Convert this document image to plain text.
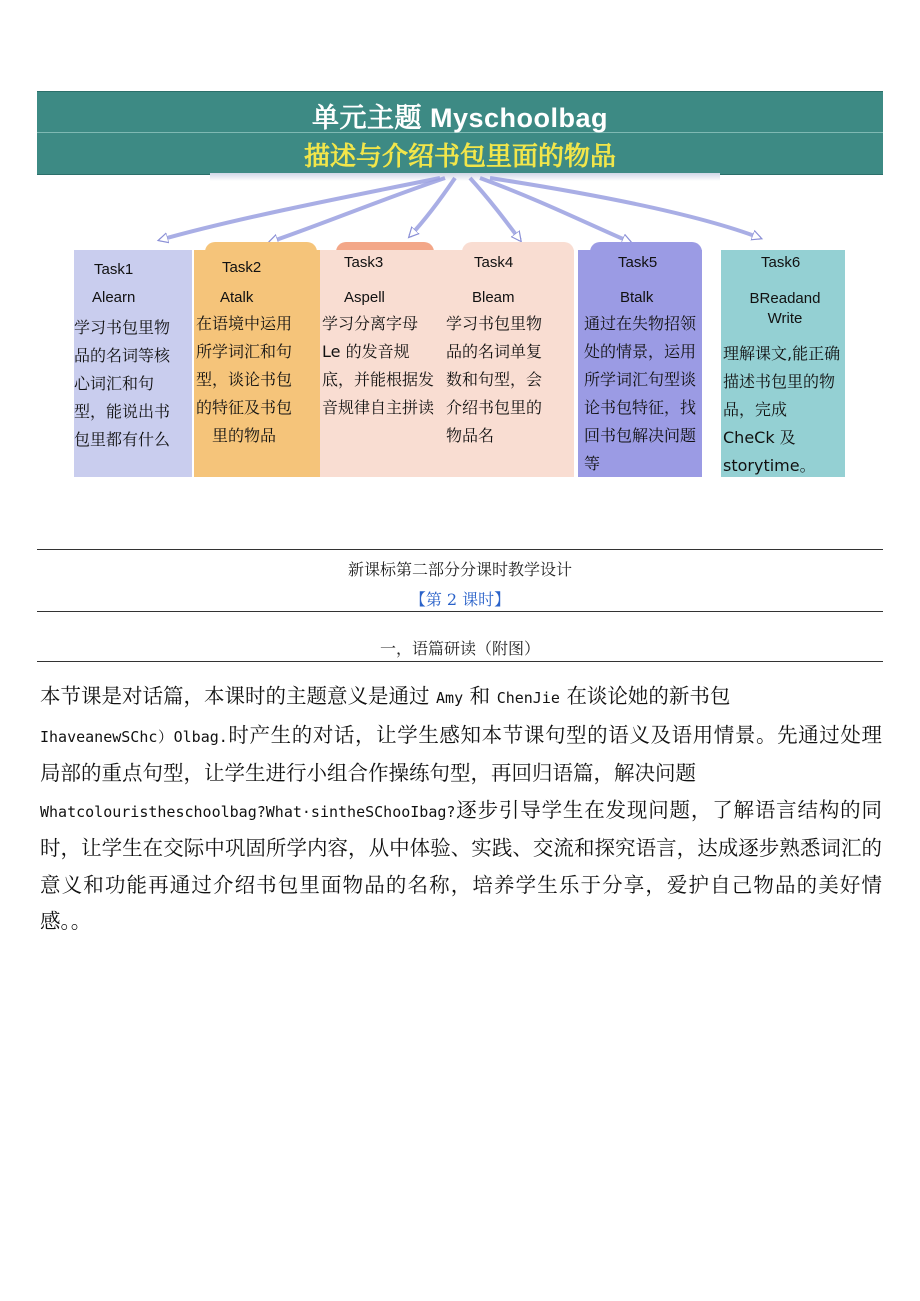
单元主题 Myschoolbag
描述与介绍书包里面的物品
Task1
Alearn
学习书包里物品的名词等核心词汇和句型，能说出书包里都有什么
Task2
Atalk
在语境中运用所学词汇和句型，谈论书包的特征及书包里的物品
Task3
Aspell
学习分离字母 Le 的发音规底，并能根据发音规律自主拼读
Task4
Bleam
学习书包里物品的名词单复数和句型，会介绍书包里的物品名
Task5
Btalk
通过在失物招领处的情景，运用所学词汇句型谈论书包特征，找回书包解决问题等
Task6
BReadand Write
理解课文,能正确描述书包里的物品，完成 CheCk 及 storytime。
新课标第二部分分课时教学设计
【第 2 课时】
一，语篇研读（附图）
本节课是对话篇，本课时的主题意义是通过 Amy 和 ChenJie 在谈论她的新书包
IhaveanewSChc）Olbag.时产生的对话，让学生感知本节课句型的语义及语用情景。先通过处理局部的重点句型，让学生进行小组合作操练句型，再回归语篇，解决问题
Whatcolouristheschoolbag?What·sintheSChooIbag?逐步引导学生在发现问题，了解语言结构的同时，让学生在交际中巩固所学内容，从中体验、实践、交流和探究语言，达成逐步熟悉词汇的意义和功能再通过介绍书包里面物品的名称，培养学生乐于分享，爱护自己物品的美好情感。。
